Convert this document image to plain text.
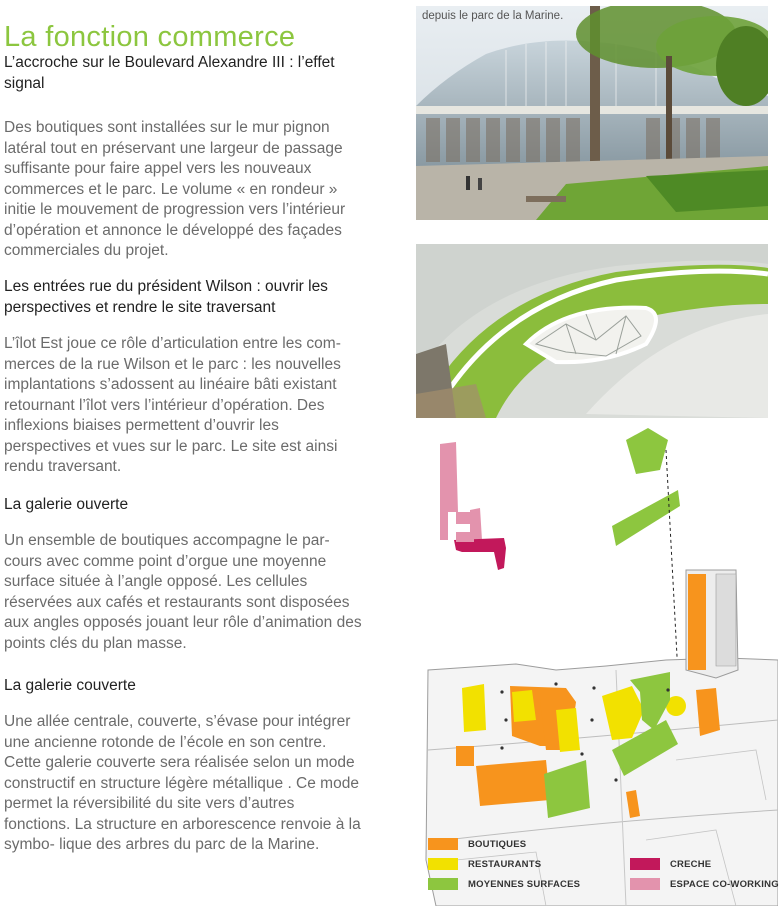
La fonction commerce

L’accroche sur le Boulevard Alexandre III : l’effet signal

Des boutiques sont installées sur le mur pignon latéral tout en préservant une largeur de passage suffisante pour faire appel vers les nouveaux commerces et le parc. Le volume « en rondeur » initie le mouvement de progression vers l’intérieur d’opération et annonce le développé des façades commerciales du projet.

Les entrées rue du président Wilson : ouvrir les perspectives et rendre le site traversant

L’îlot Est joue ce rôle d’articulation entre les com- merces de la rue Wilson et le parc : les nouvelles implantations s’adossent au linéaire bâti existant retournant l’îlot vers l’intérieur d’opération. Des inflexions biaises permettent d’ouvrir les perspectives et vues sur le parc. Le site est ainsi rendu traversant.

La galerie ouverte

Un ensemble de boutiques accompagne le par- cours avec comme point d’orgue une moyenne surface située à l’angle opposé. Les cellules réservées aux cafés et restaurants sont disposées aux angles opposés jouant leur rôle d’animation des points clés du plan masse.

La galerie couverte

Une allée centrale, couverte, s’évase pour intégrer une ancienne rotonde de l’école en son centre. Cette galerie couverte sera réalisée selon un mode constructif en structure légère métallique . Ce mode permet la réversibilité du site vers d’autres fonctions. La structure en arborescence renvoie à la symbo- lique des arbres du parc de la Marine.

depuis le parc de la Marine.
BOUTIQUES
RESTAURANTS
MOYENNES SURFACES
CRECHE
ESPACE CO-WORKING
